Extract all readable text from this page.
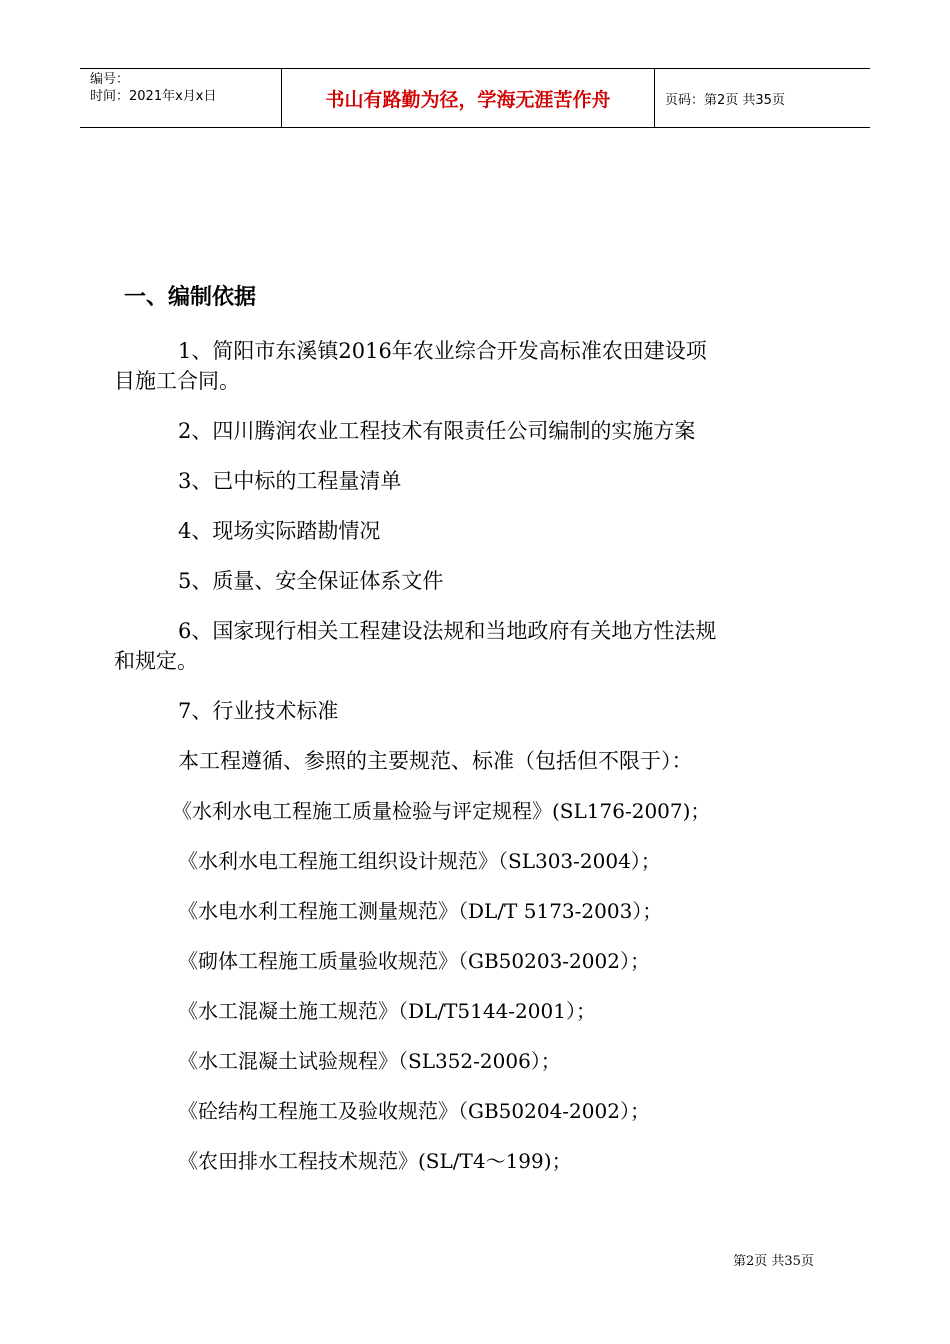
编号：
时间：2021年x月x日	书山有路勤为径，学海无涯苦作舟	页码：第2页 共35页
一、编制依据
1、简阳市东溪镇2016年农业综合开发高标准农田建设项
目施工合同。
2、四川腾润农业工程技术有限责任公司编制的实施方案
3、已中标的工程量清单
4、现场实际踏勘情况
5、质量、安全保证体系文件
6、国家现行相关工程建设法规和当地政府有关地方性法规
和规定。
7、行业技术标准
本工程遵循、参照的主要规范、标准（包括但不限于）：
《水利水电工程施工质量检验与评定规程》(SL176-2007)；
《水利水电工程施工组织设计规范》（SL303-2004）；
《水电水利工程施工测量规范》（DL/T 5173-2003）；
《砌体工程施工质量验收规范》（GB50203-2002）；
《水工混凝土施工规范》（DL/T5144-2001）；
《水工混凝土试验规程》（SL352-2006）；
《砼结构工程施工及验收规范》（GB50204-2002）；
《农田排水工程技术规范》(SL/T4～199)；
第2页 共35页
